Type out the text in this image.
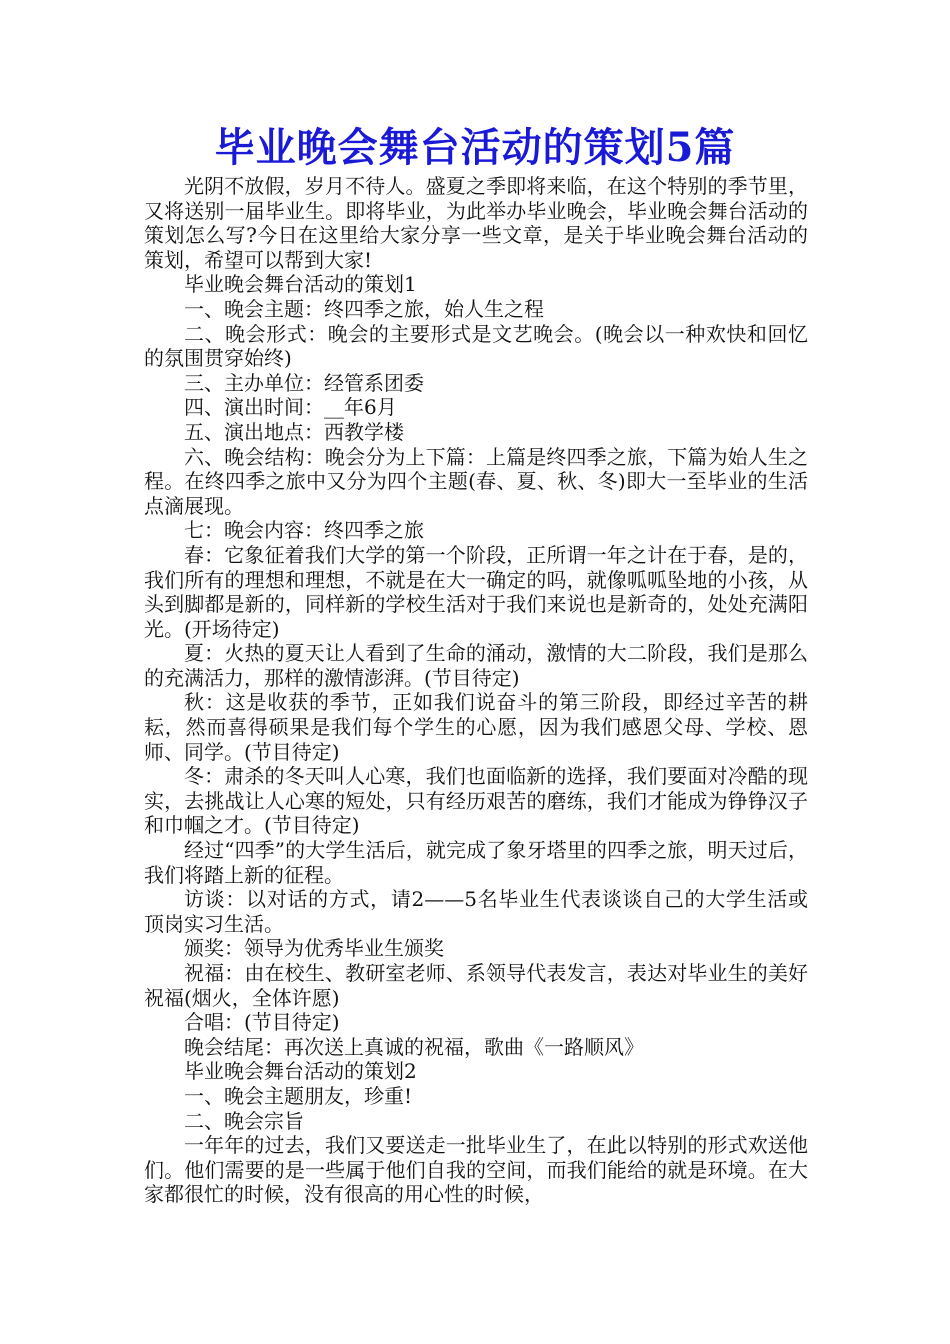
毕业晚会舞台活动的策划5篇

光阴不放假，岁月不待人。盛夏之季即将来临，在这个特别的季节里，又将送别一届毕业生。即将毕业，为此举办毕业晚会，毕业晚会舞台活动的策划怎么写?今日在这里给大家分享一些文章，是关于毕业晚会舞台活动的策划，希望可以帮到大家!

毕业晚会舞台活动的策划1

一、晚会主题：终四季之旅，始人生之程

二、晚会形式：晚会的主要形式是文艺晚会。(晚会以一种欢快和回忆的氛围贯穿始终)

三、主办单位：经管系团委

四、演出时间：__年6月

五、演出地点：西教学楼

六、晚会结构：晚会分为上下篇：上篇是终四季之旅，下篇为始人生之程。在终四季之旅中又分为四个主题(春、夏、秋、冬)即大一至毕业的生活点滴展现。

七：晚会内容：终四季之旅

春：它象征着我们大学的第一个阶段，正所谓一年之计在于春，是的，我们所有的理想和理想，不就是在大一确定的吗，就像呱呱坠地的小孩，从头到脚都是新的，同样新的学校生活对于我们来说也是新奇的，处处充满阳光。(开场待定)

夏：火热的夏天让人看到了生命的涌动，激情的大二阶段，我们是那么的充满活力，那样的激情澎湃。(节目待定)

秋：这是收获的季节，正如我们说奋斗的第三阶段，即经过辛苦的耕耘，然而喜得硕果是我们每个学生的心愿，因为我们感恩父母、学校、恩师、同学。(节目待定)

冬：肃杀的冬天叫人心寒，我们也面临新的选择，我们要面对冷酷的现实，去挑战让人心寒的短处，只有经历艰苦的磨练，我们才能成为铮铮汉子和巾帼之才。(节目待定)

经过“四季”的大学生活后，就完成了象牙塔里的四季之旅，明天过后，我们将踏上新的征程。

访谈：以对话的方式，请2——5名毕业生代表谈谈自己的大学生活或顶岗实习生活。

颁奖：领导为优秀毕业生颁奖

祝福：由在校生、教研室老师、系领导代表发言，表达对毕业生的美好祝福(烟火，全体许愿)

合唱：(节目待定)

晚会结尾：再次送上真诚的祝福，歌曲《一路顺风》

毕业晚会舞台活动的策划2

一、晚会主题朋友，珍重!

二、晚会宗旨

一年年的过去，我们又要送走一批毕业生了，在此以特别的形式欢送他们。他们需要的是一些属于他们自我的空间，而我们能给的就是环境。在大家都很忙的时候，没有很高的用心性的时候，
